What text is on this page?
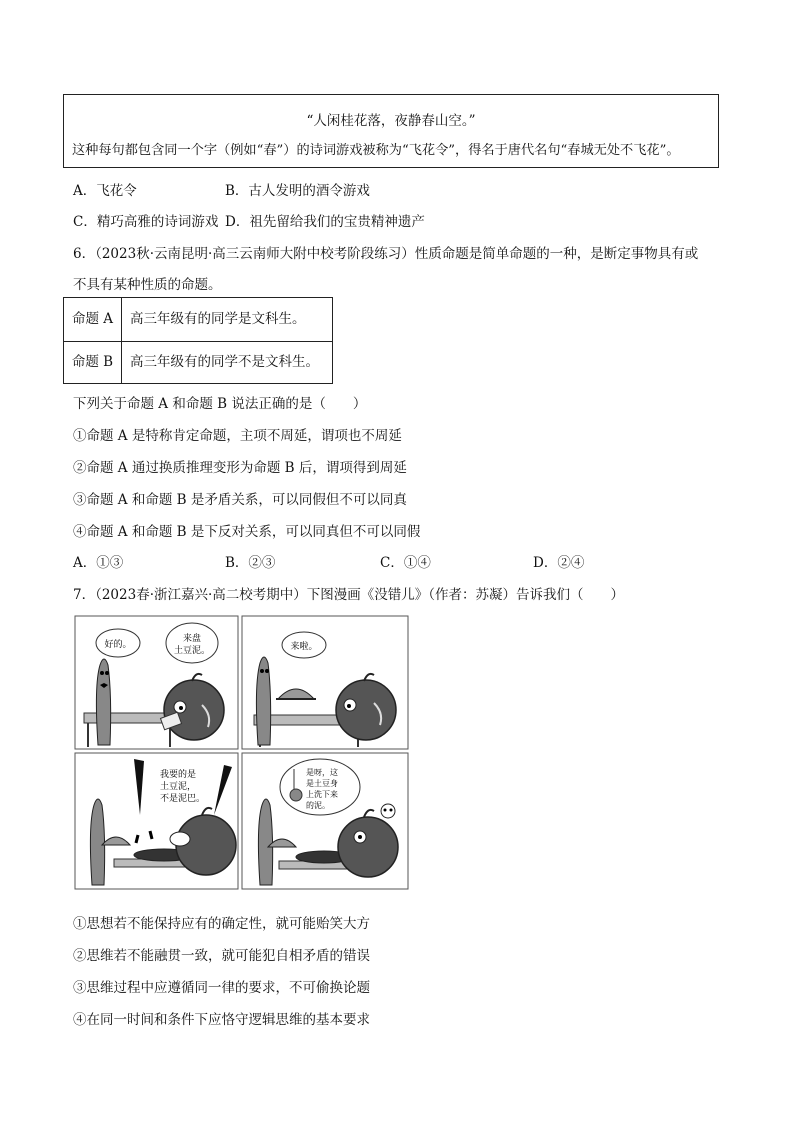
“人闲桂花落，夜静春山空。”
这种每句都包含同一个字（例如“春”）的诗词游戏被称为“飞花令”，得名于唐代名句“春城无处不飞花”。
A．飞花令	B．古人发明的酒令游戏
C．精巧高雅的诗词游戏 D．祖先留给我们的宝贵精神遗产
6．（2023秋·云南昆明·高三云南师大附中校考阶段练习）性质命题是简单命题的一种，是断定事物具有或
不具有某种性质的命题。
命题 A	高三年级有的同学是文科生。
命题 B	高三年级有的同学不是文科生。
下列关于命题 A 和命题 B 说法正确的是（　　）
①命题 A 是特称肯定命题，主项不周延，谓项也不周延
②命题 A 通过换质推理变形为命题 B 后，谓项得到周延
③命题 A 和命题 B 是矛盾关系，可以同假但不可以同真
④命题 A 和命题 B 是下反对关系，可以同真但不可以同假
A．①③	B．②③	C．①④	D．②④
7．（2023春·浙江嘉兴·高二校考期中）下图漫画《没错儿》（作者：苏凝）告诉我们（　　）
好的。
来盘
土豆泥。	来啦。
我要的是
土豆泥，
不是泥巴。
是呀，这
是土豆身
上洗下来
的泥。
①思想若不能保持应有的确定性，就可能贻笑大方
②思维若不能融贯一致，就可能犯自相矛盾的错误
③思维过程中应遵循同一律的要求，不可偷换论题
④在同一时间和条件下应恪守逻辑思维的基本要求
